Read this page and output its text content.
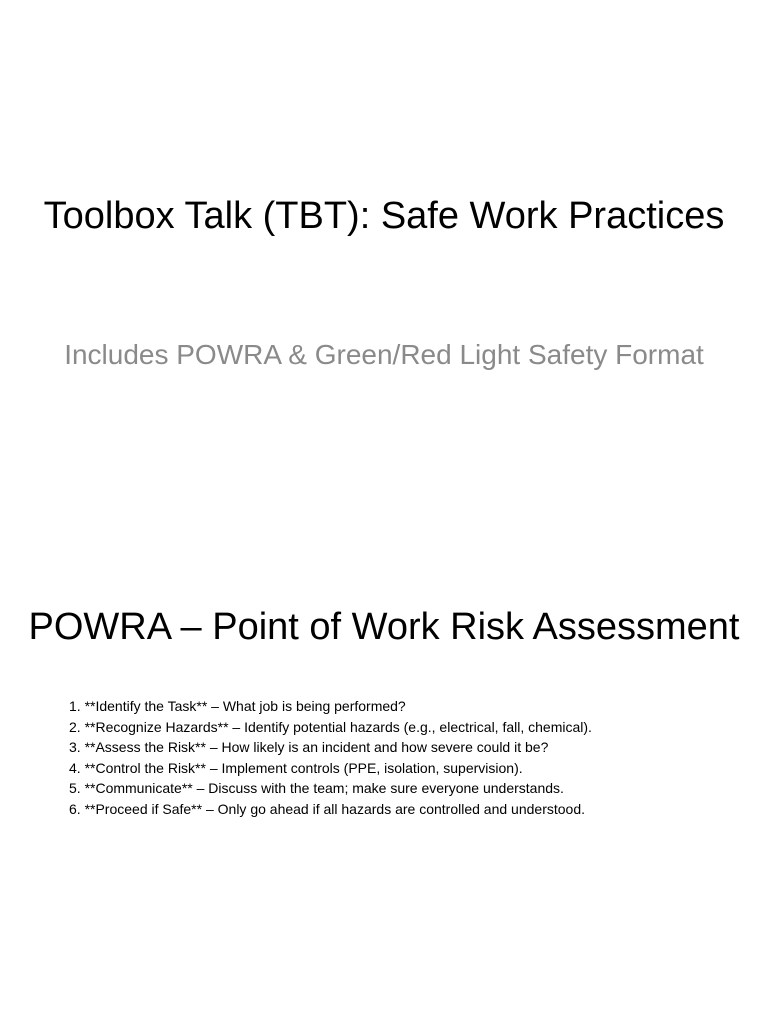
Toolbox Talk (TBT): Safe Work Practices

Includes POWRA & Green/Red Light Safety Format

POWRA – Point of Work Risk Assessment
1. **Identify the Task** – What job is being performed?
2. **Recognize Hazards** – Identify potential hazards (e.g., electrical, fall, chemical).
3. **Assess the Risk** – How likely is an incident and how severe could it be?
4. **Control the Risk** – Implement controls (PPE, isolation, supervision).
5. **Communicate** – Discuss with the team; make sure everyone understands.
6. **Proceed if Safe** – Only go ahead if all hazards are controlled and understood.
